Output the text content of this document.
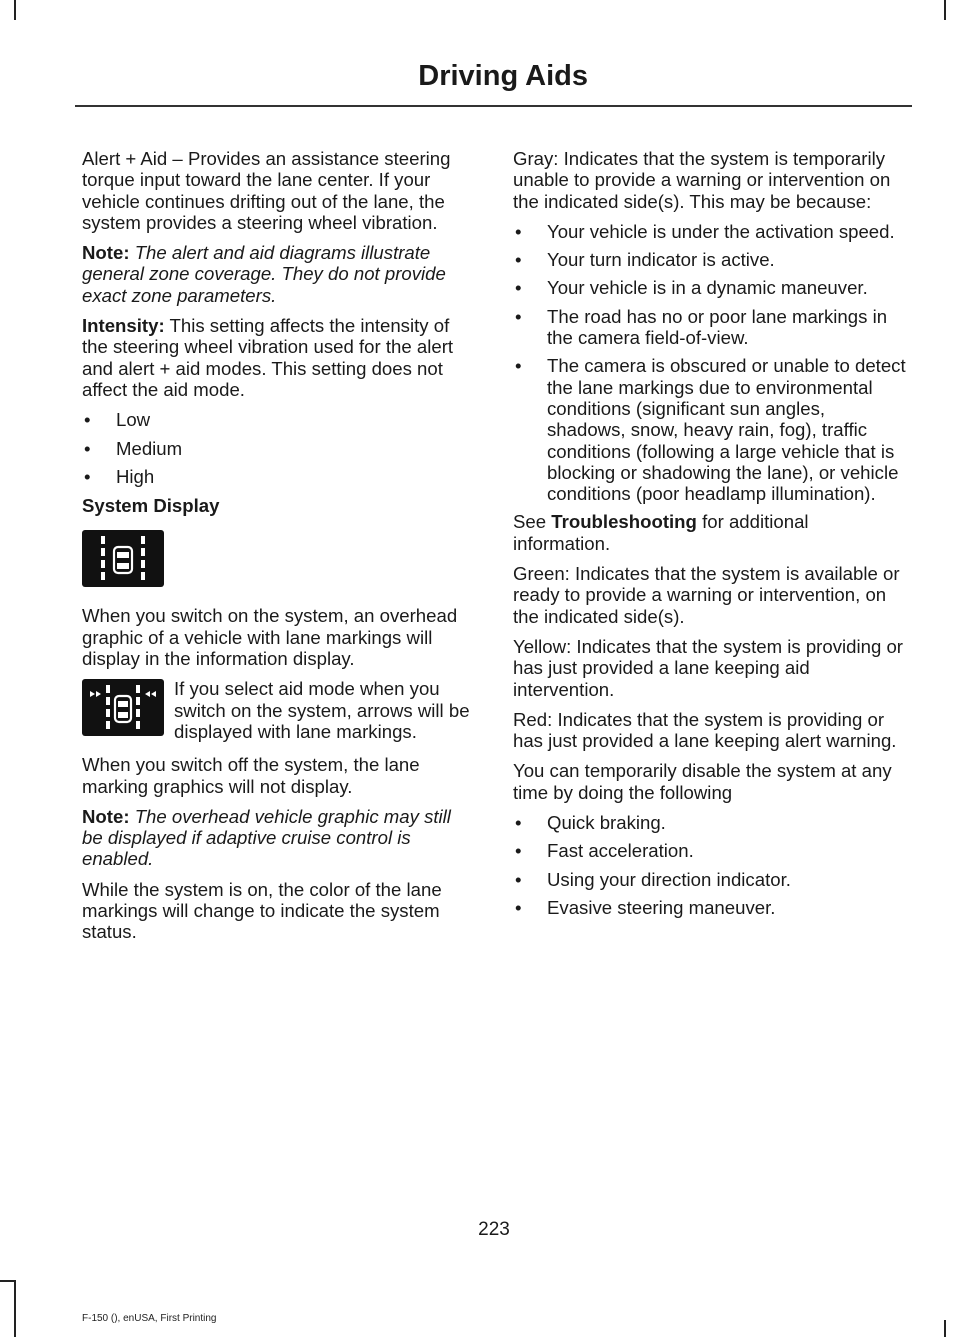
Driving Aids

Alert + Aid – Provides an assistance steering torque input toward the lane center. If your vehicle continues drifting out of the lane, the system provides a steering wheel vibration.

Note: The alert and aid diagrams illustrate general zone coverage. They do not provide exact zone parameters.

Intensity: This setting affects the intensity of the steering wheel vibration used for the alert and alert + aid modes. This setting does not affect the aid mode.

• Low
• Medium
• High

System Display

When you switch on the system, an overhead graphic of a vehicle with lane markings will display in the information display.

If you select aid mode when you switch on the system, arrows will be displayed with lane markings.

When you switch off the system, the lane marking graphics will not display.

Note: The overhead vehicle graphic may still be displayed if adaptive cruise control is enabled.

While the system is on, the color of the lane markings will change to indicate the system status.

Gray: Indicates that the system is temporarily unable to provide a warning or intervention on the indicated side(s). This may be because:

• Your vehicle is under the activation speed.
• Your turn indicator is active.
• Your vehicle is in a dynamic maneuver.
• The road has no or poor lane markings in the camera field-of-view.
• The camera is obscured or unable to detect the lane markings due to environmental conditions (significant sun angles, shadows, snow, heavy rain, fog), traffic conditions (following a large vehicle that is blocking or shadowing the lane), or vehicle conditions (poor headlamp illumination).

See Troubleshooting for additional information.

Green: Indicates that the system is available or ready to provide a warning or intervention, on the indicated side(s).

Yellow: Indicates that the system is providing or has just provided a lane keeping aid intervention.

Red: Indicates that the system is providing or has just provided a lane keeping alert warning.

You can temporarily disable the system at any time by doing the following

• Quick braking.
• Fast acceleration.
• Using your direction indicator.
• Evasive steering maneuver.
223
F-150 (), enUSA, First Printing
